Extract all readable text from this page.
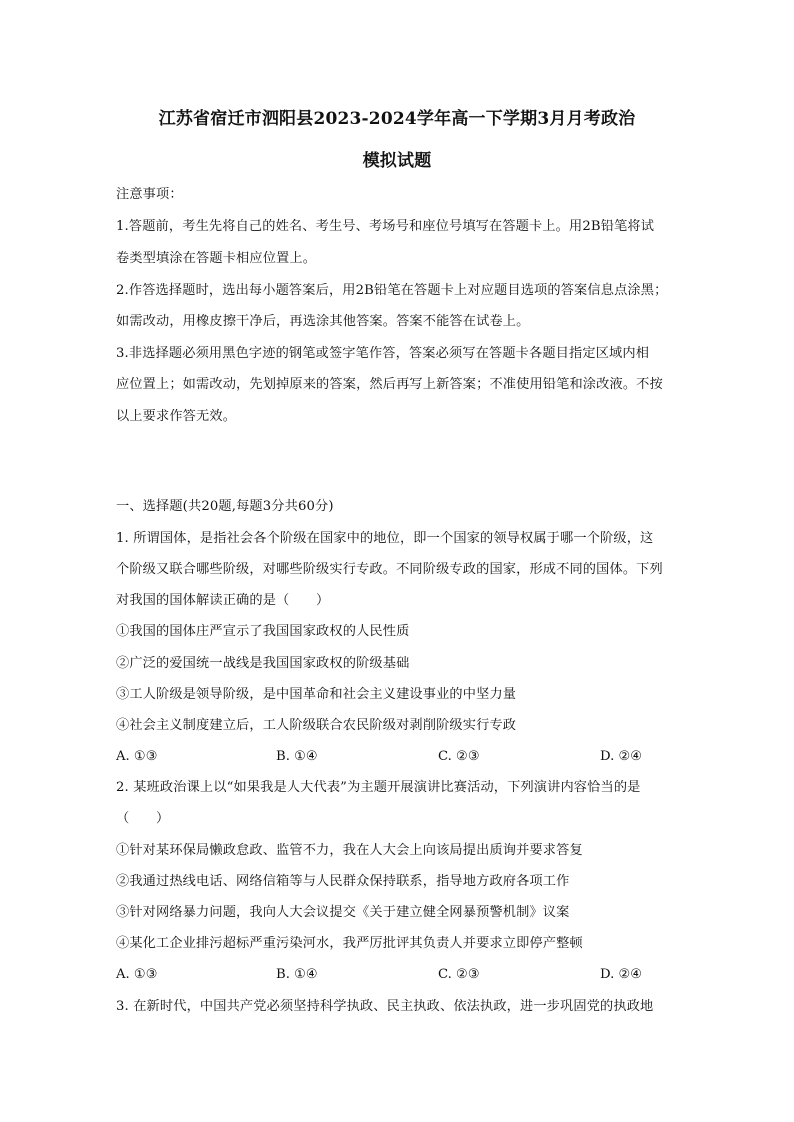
江苏省宿迁市泗阳县2023-2024学年高一下学期3月月考政治
模拟试题
注意事项：
1.答题前，考生先将自己的姓名、考生号、考场号和座位号填写在答题卡上。用2B铅笔将试
卷类型填涂在答题卡相应位置上。
2.作答选择题时，选出每小题答案后，用2B铅笔在答题卡上对应题目选项的答案信息点涂黑；
如需改动，用橡皮擦干净后，再选涂其他答案。答案不能答在试卷上。
3.非选择题必须用黑色字迹的钢笔或签字笔作答，答案必须写在答题卡各题目指定区域内相
应位置上；如需改动，先划掉原来的答案，然后再写上新答案；不准使用铅笔和涂改液。不按
以上要求作答无效。
一、选择题(共20题,每题3分共60分)
1. 所谓国体，是指社会各个阶级在国家中的地位，即一个国家的领导权属于哪一个阶级，这
个阶级又联合哪些阶级，对哪些阶级实行专政。不同阶级专政的国家，形成不同的国体。下列
对我国的国体解读正确的是（　　）
①我国的国体庄严宣示了我国国家政权的人民性质
②广泛的爱国统一战线是我国国家政权的阶级基础
③工人阶级是领导阶级，是中国革命和社会主义建设事业的中坚力量
④社会主义制度建立后，工人阶级联合农民阶级对剥削阶级实行专政
A. ①③	B. ①④	C. ②③	D. ②④
2. 某班政治课上以“如果我是人大代表”为主题开展演讲比赛活动，下列演讲内容恰当的是
（　　）
①针对某环保局懒政怠政、监管不力，我在人大会上向该局提出质询并要求答复
②我通过热线电话、网络信箱等与人民群众保持联系，指导地方政府各项工作
③针对网络暴力问题，我向人大会议提交《关于建立健全网暴预警机制》议案
④某化工企业排污超标严重污染河水，我严厉批评其负责人并要求立即停产整顿
A. ①③	B. ①④	C. ②③	D. ②④
3. 在新时代，中国共产党必须坚持科学执政、民主执政、依法执政，进一步巩固党的执政地
